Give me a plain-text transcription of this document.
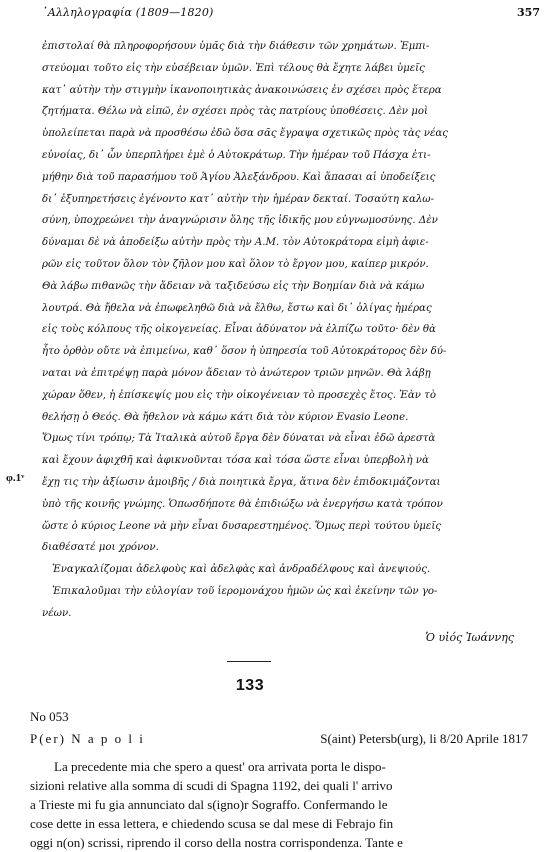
᾿Αλληλογραφία (1809—1820)	357
ἐπιστολαί θὰ πληροφορήσουν ὑμᾶς διὰ τὴν διάθεσιν τῶν χρημάτων. Ἐμπι-
στεύομαι τοῦτο εἰς τὴν εὐσέβειαν ὑμῶν. Ἐπὶ τέλους θὰ ἔχητε λάβει ὑμεῖς
κατ᾿ αὐτὴν τὴν στιγμὴν ἱκανοποιητικὰς ἀνακοινώσεις ἐν σχέσει πρὸς ἕτερα
ζητήματα. Θέλω νὰ εἰπῶ, ἐν σχέσει πρὸς τὰς πατρίους ὑποθέσεις. Δὲν μοὶ
ὑπολείπεται παρὰ νὰ προσθέσω ἐδῶ ὅσα σᾶς ἔγραψα σχετικῶς πρὸς τὰς νέας
εὐνοίας, δι᾿ ὧν ὑπερπλήρει ἐμὲ ὁ Αὐτοκράτωρ. Τὴν ἡμέραν τοῦ Πάσχα ἐτι-
μήθην διὰ τοῦ παρασήμου τοῦ Ἁγίου Ἀλεξάνδρου. Καὶ ἅπασαι αἱ ὑποδείξεις
δι᾿ ἐξυπηρετήσεις ἐγένοντο κατ᾿ αὐτὴν τὴν ἡμέραν δεκταί. Τοσαύτη καλω-
σύνη, ὑποχρεώνει τὴν ἀναγνώρισιν ὅλης τῆς ἰδικῆς μου εὐγνωμοσύνης. Δὲν
δύναμαι δὲ νὰ ἀποδείξω αὐτὴν πρὸς τὴν Α.Μ. τὸν Αὐτοκράτορα εἰμὴ ἀφιε-
ρῶν εἰς τοῦτον ὅλον τὸν ζῆλον μου καὶ ὅλον τὸ ἔργον μου, καίπερ μικρόν.
Θὰ λάβω πιθανῶς τὴν ἄδειαν νὰ ταξιδεύσω εἰς τὴν Βοημίαν διὰ νὰ κάμω
λουτρά. Θὰ ἤθελα νὰ ἐπωφεληθῶ διὰ νὰ ἔλθω, ἔστω καὶ δι᾿ ὀλίγας ἡμέρας
εἰς τοὺς κόλπους τῆς οἰκογενείας. Εἶναι ἀδύνατον νὰ ἐλπίζω τοῦτο· δὲν θὰ
ἦτο ὀρθὸν οὔτε νὰ ἐπιμείνω, καθ᾿ ὅσον ἡ ὑπηρεσία τοῦ Αὐτοκράτορος δὲν δύ-
ναται νὰ ἐπιτρέψῃ παρὰ μόνον ἄδειαν τὸ ἀνώτερον τριῶν μηνῶν. Θὰ λάβῃ
χώραν ὅθεν, ἡ ἐπίσκεψίς μου εἰς τὴν οἰκογένειαν τὸ προσεχὲς ἔτος. Ἐὰν τὸ
θελήσῃ ὁ Θεός. Θὰ ἤθελον νὰ κάμω κάτι διὰ τὸν κύριον Evasio Leone.
Ὅμως τίνι τρόπῳ; Τὰ Ἰταλικὰ αὐτοῦ ἔργα δὲν δύναται νὰ εἶναι ἐδῶ ἀρεστὰ
καὶ ἔχουν ἀφιχθῆ καὶ ἀφικνοῦνται τόσα καὶ τόσα ὥστε εἶναι ὑπερβολὴ νὰ
ἔχῃ τις τὴν ἀξίωσιν ἀμοιβῆς / διὰ ποιητικὰ ἔργα, ἅτινα δὲν ἐπιδοκιμάζονται
ὑπὸ τῆς κοινῆς γνώμης. Ὁπωσδήποτε θὰ ἐπιδιώξω νὰ ἐνεργήσω κατὰ τρόπον
ὥστε ὁ κύριος Leone νὰ μὴν εἶναι δυσαρεστημένος. Ὅμως περὶ τούτου ὑμεῖς
διαθέσατέ μοι χρόνον.
Ἐναγκαλίζομαι ἀδελφοὺς καὶ ἀδελφὰς καὶ ἀνδραδέλφους καὶ ἀνεψιούς.
Ἐπικαλοῦμαι τὴν εὐλογίαν τοῦ ἱερομονάχου ἡμῶν ὡς καὶ ἐκείνην τῶν γο-
νέων.
φ.1ᵛ
Ὁ υἱός Ἰωάννης
133
No 053
P(er) N a p o l i	S(aint) Petersb(urg), li 8/20 Aprile 1817
La precedente mia che spero a quest' ora arrivata porta le dispo-
sizioni relative alla somma di scudi di Spagna 1192, dei quali l' arrivo
a Trieste mi fu gia annunciato dal s(igno)r Sograffo. Confermando le
cose dette in essa lettera, e chiedendo scusa se dal mese di Febrajo fin
oggi n(on) scrissi, riprendo il corso della nostra corrispondenza. Tante e
